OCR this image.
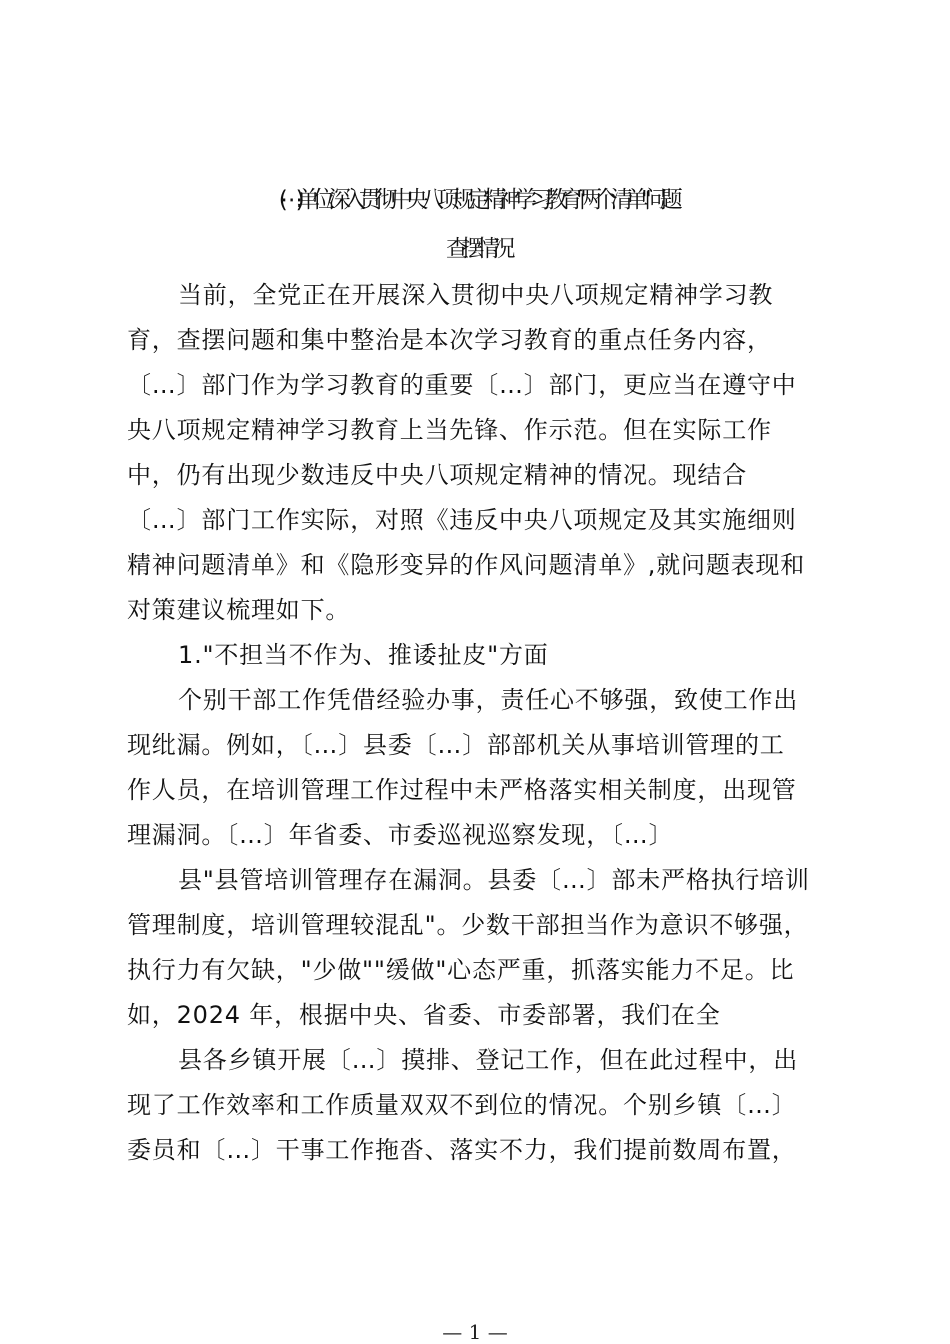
(⋯.)单位深入贯彻中央八项规定精神学习教育"两个清单"问题
查摆情况
当前，全党正在开展深入贯彻中央八项规定精神学习教
育，查摆问题和集中整治是本次学习教育的重点任务内容，
〔…〕部门作为学习教育的重要〔…〕部门，更应当在遵守中
央八项规定精神学习教育上当先锋、作示范。但在实际工作
中，仍有出现少数违反中央八项规定精神的情况。现结合
〔…〕部门工作实际，对照《违反中央八项规定及其实施细则
精神问题清单》和《隐形变异的作风问题清单》,就问题表现和
对策建议梳理如下。
1."不担当不作为、推诿扯皮"方面
个别干部工作凭借经验办事，责任心不够强，致使工作出
现纰漏。例如，〔…〕县委〔…〕部部机关从事培训管理的工
作人员，在培训管理工作过程中未严格落实相关制度，出现管
理漏洞。〔…〕年省委、市委巡视巡察发现，〔…〕
县"县管培训管理存在漏洞。县委〔…〕部未严格执行培训
管理制度，培训管理较混乱"。少数干部担当作为意识不够强，
执行力有欠缺，"少做""缓做"心态严重，抓落实能力不足。比
如，2024 年，根据中央、省委、市委部署，我们在全
县各乡镇开展〔…〕摸排、登记工作，但在此过程中，出
现了工作效率和工作质量双双不到位的情况。个别乡镇〔…〕
委员和〔…〕干事工作拖沓、落实不力，我们提前数周布置，
— 1 —
